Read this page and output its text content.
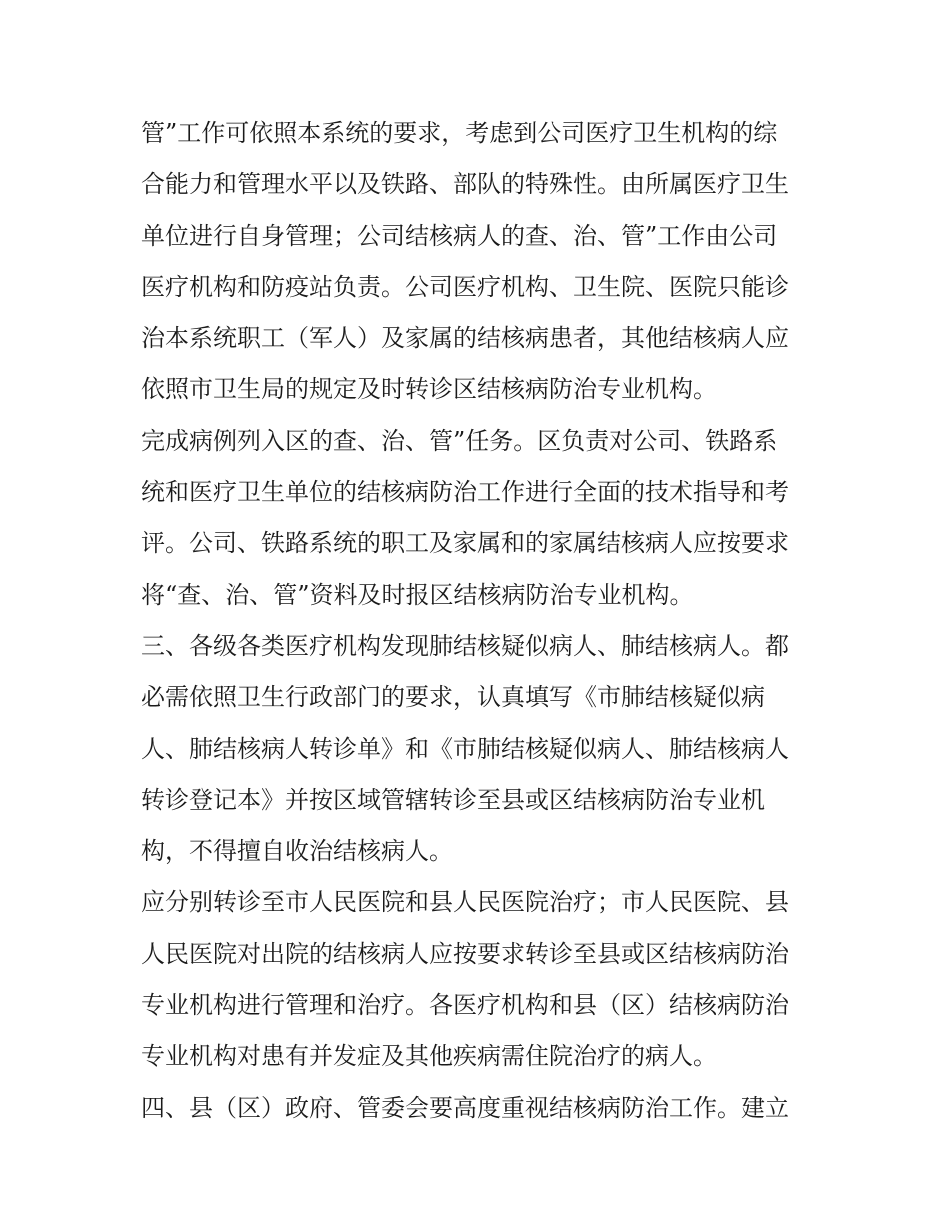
管”工作可依照本系统的要求，考虑到公司医疗卫生机构的综
合能力和管理水平以及铁路、部队的特殊性。由所属医疗卫生
单位进行自身管理；公司结核病人的查、治、管”工作由公司
医疗机构和防疫站负责。公司医疗机构、卫生院、医院只能诊
治本系统职工（军人）及家属的结核病患者，其他结核病人应
依照市卫生局的规定及时转诊区结核病防治专业机构。
完成病例列入区的查、治、管”任务。区负责对公司、铁路系
统和医疗卫生单位的结核病防治工作进行全面的技术指导和考
评。公司、铁路系统的职工及家属和的家属结核病人应按要求
将“查、治、管”资料及时报区结核病防治专业机构。
三、各级各类医疗机构发现肺结核疑似病人、肺结核病人。都
必需依照卫生行政部门的要求，认真填写《市肺结核疑似病
人、肺结核病人转诊单》和《市肺结核疑似病人、肺结核病人
转诊登记本》并按区域管辖转诊至县或区结核病防治专业机
构，不得擅自收治结核病人。
应分别转诊至市人民医院和县人民医院治疗；市人民医院、县
人民医院对出院的结核病人应按要求转诊至县或区结核病防治
专业机构进行管理和治疗。各医疗机构和县（区）结核病防治
专业机构对患有并发症及其他疾病需住院治疗的病人。
四、县（区）政府、管委会要高度重视结核病防治工作。建立
